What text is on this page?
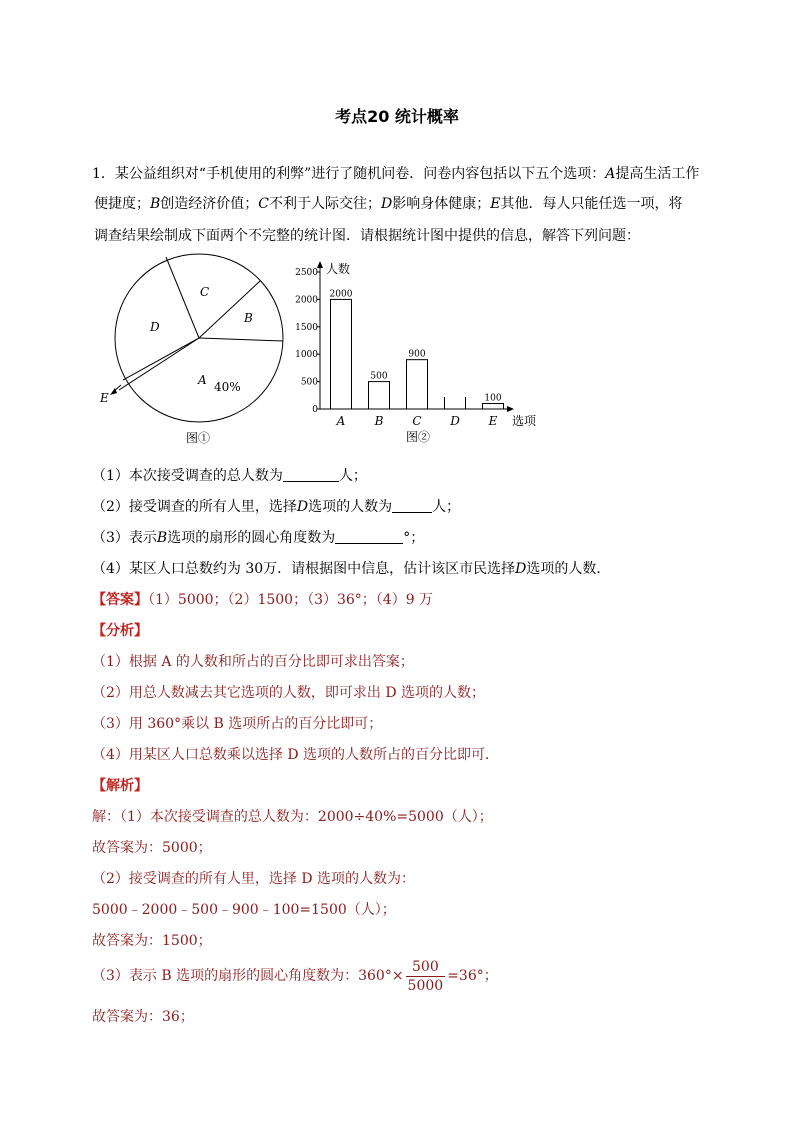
考点20 统计概率
1．某公益组织对“手机使用的利弊”进行了随机问卷．问卷内容包括以下五个选项：A提高生活工作
便捷度；B创造经济价值；C不利于人际交往；D影响身体健康；E其他．每人只能任选一项，将
调查结果绘制成下面两个不完整的统计图．请根据统计图中提供的信息，解答下列问题：
C
B
D
A 40%
E
图①
人数
选项
图②
2500
2000
1500
1000
500
0
2000
A
500
B
900
C D
100
E
（1）本次接受调查的总人数为	人；
（2）接受调查的所有人里，选择D选项的人数为	人；
（3）表示B选项的扇形的圆心角度数为	°；
（4）某区人口总数约为 30万．请根据图中信息，估计该区市民选择D选项的人数．
【答案】（1）5000；（2）1500；（3）36°；（4）9 万
【分析】
（1）根据 A 的人数和所占的百分比即可求出答案；
（2）用总人数减去其它选项的人数，即可求出 D 选项的人数；
（3）用 360°乘以 B 选项所占的百分比即可；
（4）用某区人口总数乘以选择 D 选项的人数所占的百分比即可．
【解析】
解：（1）本次接受调查的总人数为：2000÷40%=5000（人）；
故答案为：5000；
（2）接受调查的所有人里，选择 D 选项的人数为：
5000﹣2000﹣500﹣900﹣100=1500（人）；
故答案为：1500；
（3）表示 B 选项的扇形的圆心角度数为：$360^\circ\times \frac{500}{5000} =36^\circ$；
故答案为：36；
